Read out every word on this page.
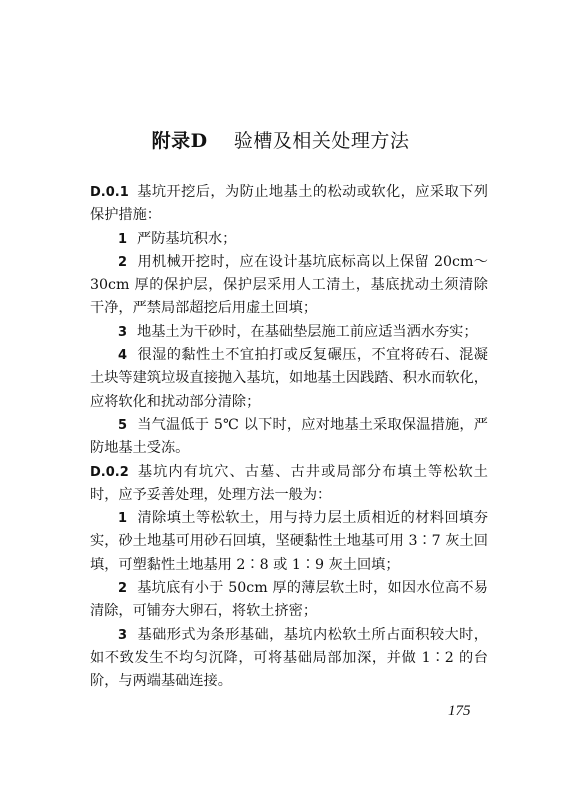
附录D 验槽及相关处理方法

D.0.1 基坑开挖后，为防止地基土的松动或软化，应采取下列保护措施：

1 严防基坑积水；

2 用机械开挖时，应在设计基坑底标高以上保留 20cm～30cm 厚的保护层，保护层采用人工清土，基底扰动土须清除干净，严禁局部超挖后用虚土回填；

3 地基土为干砂时，在基础垫层施工前应适当洒水夯实；

4 很湿的黏性土不宜拍打或反复碾压，不宜将砖石、混凝土块等建筑垃圾直接抛入基坑，如地基土因践踏、积水而软化，应将软化和扰动部分清除；

5 当气温低于 5℃ 以下时，应对地基土采取保温措施，严防地基土受冻。

D.0.2 基坑内有坑穴、古墓、古井或局部分布填土等松软土时，应予妥善处理，处理方法一般为：

1 清除填土等松软土，用与持力层土质相近的材料回填夯实，砂土地基可用砂石回填，坚硬黏性土地基可用 3∶7 灰土回填，可塑黏性土地基用 2∶8 或 1∶9 灰土回填；

2 基坑底有小于 50cm 厚的薄层软土时，如因水位高不易清除，可铺夯大卵石，将软土挤密；

3 基础形式为条形基础，基坑内松软土所占面积较大时，如不致发生不均匀沉降，可将基础局部加深，并做 1∶2 的台阶，与两端基础连接。

175
